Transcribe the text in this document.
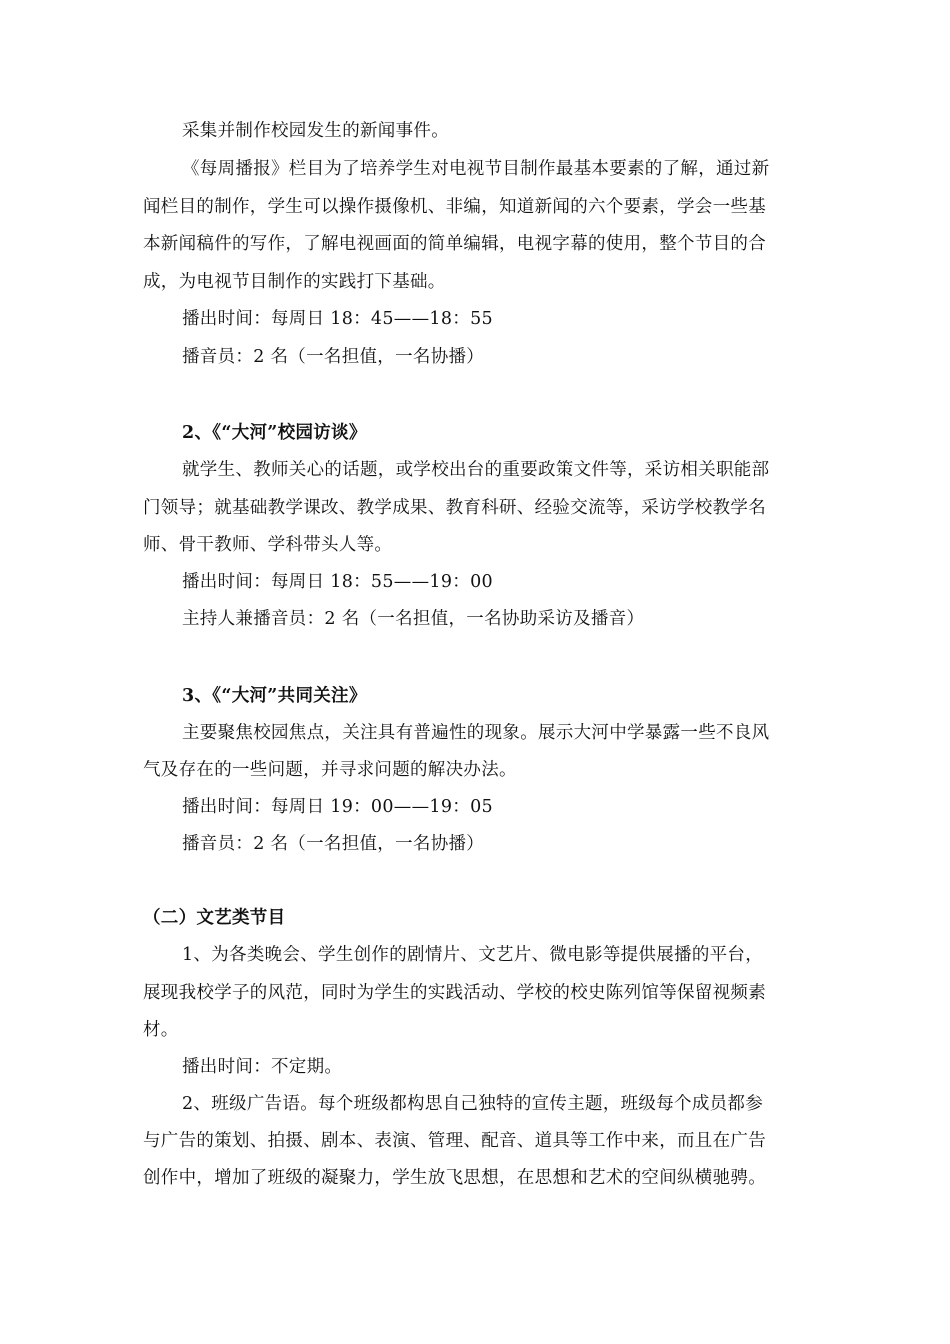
采集并制作校园发生的新闻事件。
《每周播报》栏目为了培养学生对电视节目制作最基本要素的了解，通过新
闻栏目的制作，学生可以操作摄像机、非编，知道新闻的六个要素，学会一些基
本新闻稿件的写作，了解电视画面的简单编辑，电视字幕的使用，整个节目的合
成，为电视节目制作的实践打下基础。
播出时间：每周日 18：45——18：55
播音员：2 名（一名担值，一名协播）
2、《“大河”校园访谈》
就学生、教师关心的话题，或学校出台的重要政策文件等，采访相关职能部
门领导；就基础教学课改、教学成果、教育科研、经验交流等，采访学校教学名
师、骨干教师、学科带头人等。
播出时间：每周日 18：55——19：00
主持人兼播音员：2 名（一名担值，一名协助采访及播音）
3、《“大河”共同关注》
主要聚焦校园焦点，关注具有普遍性的现象。展示大河中学暴露一些不良风
气及存在的一些问题，并寻求问题的解决办法。
播出时间：每周日 19：00——19：05
播音员：2 名（一名担值，一名协播）
（二）文艺类节目
1、为各类晚会、学生创作的剧情片、文艺片、微电影等提供展播的平台，
展现我校学子的风范，同时为学生的实践活动、学校的校史陈列馆等保留视频素
材。
播出时间：不定期。
2、班级广告语。每个班级都构思自己独特的宣传主题，班级每个成员都参
与广告的策划、拍摄、剧本、表演、管理、配音、道具等工作中来，而且在广告
创作中，增加了班级的凝聚力，学生放飞思想，在思想和艺术的空间纵横驰骋。
